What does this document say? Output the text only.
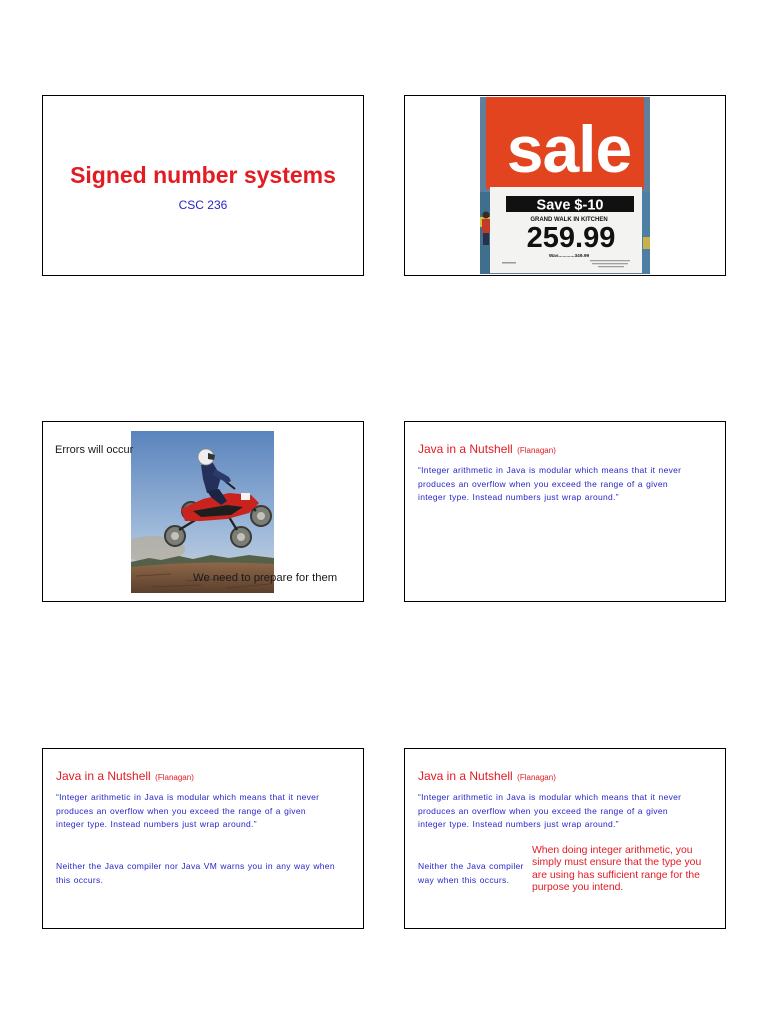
Signed number systems
CSC 236
sale
Save $-10
GRAND WALK IN KITCHEN
259.99
Was............349.99
Errors will occur
We need to prepare for them
Java in a Nutshell (Flanagan)
“Integer arithmetic in Java is modular which means that it never
produces an overflow when you exceed the range of a given
integer type. Instead numbers just wrap around.”
Java in a Nutshell (Flanagan)
“Integer arithmetic in Java is modular which means that it never
produces an overflow when you exceed the range of a given
integer type. Instead numbers just wrap around.”
Neither the Java compiler nor Java VM warns you in any way when
this occurs.
Java in a Nutshell (Flanagan)
“Integer arithmetic in Java is modular which means that it never
produces an overflow when you exceed the range of a given
integer type. Instead numbers just wrap around.”
Neither the Java compiler
way when this occurs.
When doing integer arithmetic, you
simply must ensure that the type you
are using has sufficient range for the
purpose you intend.
